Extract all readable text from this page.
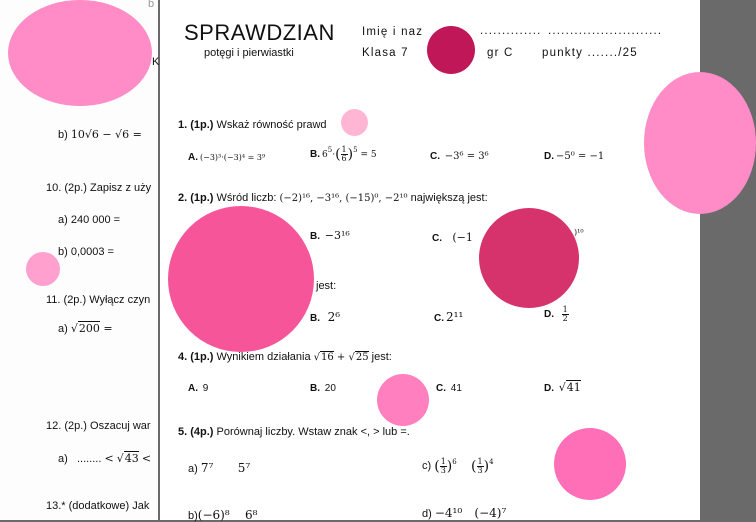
b
K
b) 10√6 − √6 =
10. (2p.) Zapisz z uży
a) 240 000 =
b) 0,0003 =
11. (2p.) Wyłącz czyn
a) √200 =
12. (2p.) Oszacuj war
a) ........ < √43 <
13.* (dodatkowe) Jak
SPRAWDZIAN
potęgi i pierwiastki
Imię i naz	.............. ..........................
Klasa 7	gr C punkty ......./25
1. (1p.) Wskaż równość prawd
A. (−3)³·(−3)⁴ = 3⁹	B. $6^5\cdot( \frac{1}{6} )^5 = 5$	C. −3⁶ = 3⁶	D. −5⁰ = −1
2. (1p.) Wśród liczb: (−2)¹⁶, −3¹⁶, (−15)⁰, −2¹⁰ największą jest:
B. −3¹⁶	C. (−1	)¹⁰
jest:
B. 2⁶	C. 2¹¹	D. $\frac{1}{2}$
4. (1p.) Wynikiem działania √16 + √25 jest:
A. 9	B. 20	C. 41	D. √41
5. (4p.) Porównaj liczby. Wstaw znak <, > lub =.
a) 7⁷ 5⁷	c) ( $\frac{1}{3} )^6$ ( $\frac{1}{3} )^4$
b)(−6)⁸ 6⁸	d) −4¹⁰ (−4)⁷
